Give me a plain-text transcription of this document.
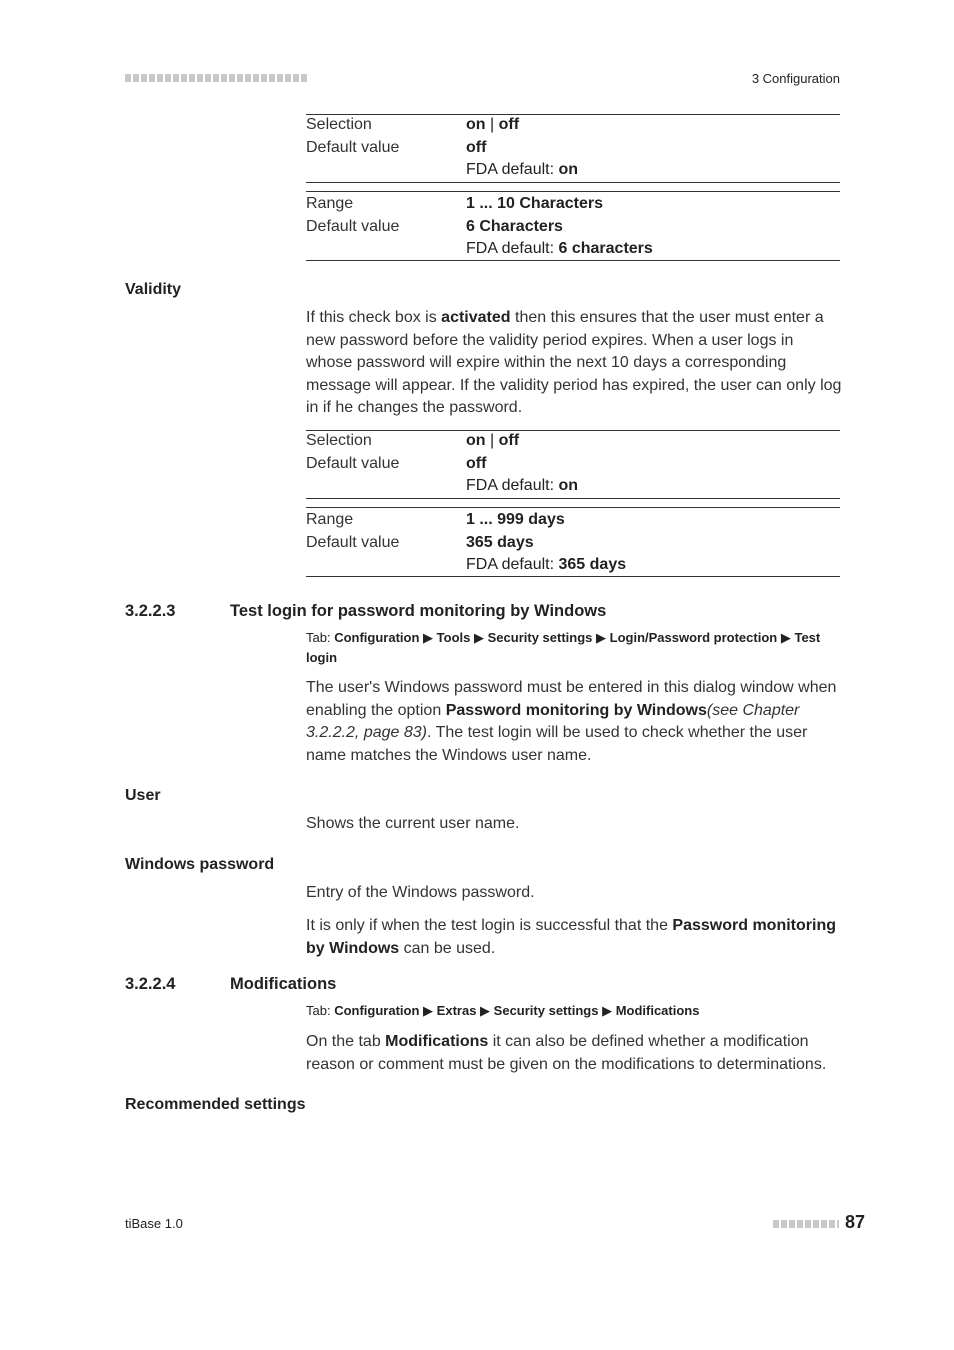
3 Configuration
Selection	on | off
Default value	off
FDA default: on
Range	1 ... 10 Characters
Default value	6 Characters
FDA default: 6 characters
Validity
If this check box is activated then this ensures that the user must enter a new password before the validity period expires. When a user logs in whose password will expire within the next 10 days a corresponding message will appear. If the validity period has expired, the user can only log in if he changes the password.
Selection	on | off
Default value	off
FDA default: on
Range	1 ... 999 days
Default value	365 days
FDA default: 365 days
3.2.2.3	Test login for password monitoring by Windows
Tab: Configuration ▶ Tools ▶ Security settings ▶ Login/Password protection ▶ Test login
The user's Windows password must be entered in this dialog window when enabling the option Password monitoring by Windows(see Chapter 3.2.2.2, page 83). The test login will be used to check whether the user name matches the Windows user name.
User
Shows the current user name.
Windows password
Entry of the Windows password.
It is only if when the test login is successful that the Password monitoring by Windows can be used.
3.2.2.4	Modifications
Tab: Configuration ▶ Extras ▶ Security settings ▶ Modifications
On the tab Modifications it can also be defined whether a modification reason or comment must be given on the modifications to determinations.
Recommended settings
tiBase 1.0	87
